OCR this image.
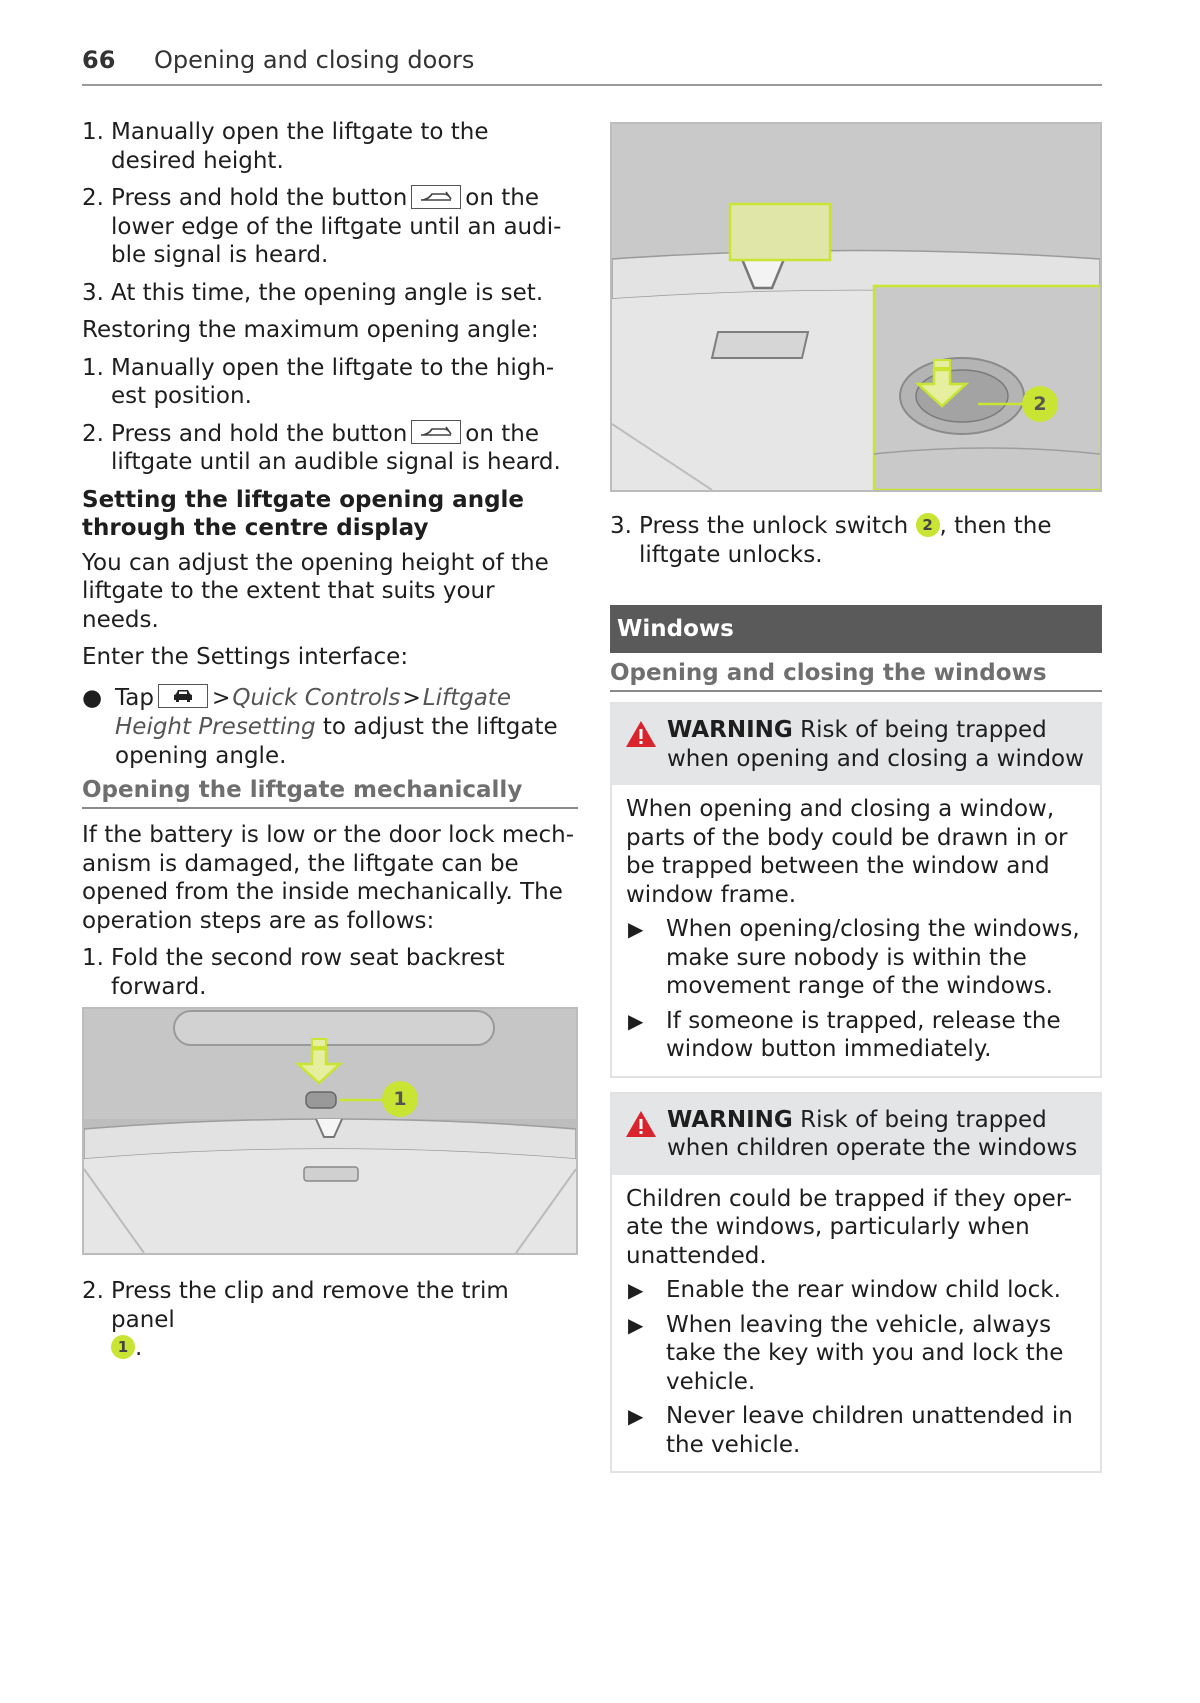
66 Opening and closing doors
1. Manually open the liftgate to the desired height.
2. Press and hold the button	on the lower edge of the liftgate until an audi-ble signal is heard.
3. At this time, the opening angle is set.

Restoring the maximum opening angle:

1. Manually open the liftgate to the high-est position.
2. Press and hold the button	on the liftgate until an audible signal is heard.
Setting the liftgate opening angle through the centre display

You can adjust the opening height of the liftgate to the extent that suits your needs.

Enter the Settings interface:

● Tap	>Quick Controls>Liftgate Height Presetting to adjust the liftgate opening angle.
Opening the liftgate mechanically

If the battery is low or the door lock mech-anism is damaged, the liftgate can be opened from the inside mechanically. The operation steps are as follows:

1. Fold the second row seat backrest forward.
1
2. Press the clip and remove the trim panel
1 .
2
3. Press the unlock switch 2 , then the liftgate unlocks.
Windows
Opening and closing the windows
WARNING Risk of being trapped when opening and closing a window

When opening and closing a window, parts of the body could be drawn in or be trapped between the window and window frame.

▶ When opening/closing the windows, make sure nobody is within the movement range of the windows.
▶ If someone is trapped, release the window button immediately.
WARNING Risk of being trapped when children operate the windows

Children could be trapped if they oper-ate the windows, particularly when unattended.

▶ Enable the rear window child lock.
▶ When leaving the vehicle, always take the key with you and lock the vehicle.
▶ Never leave children unattended in the vehicle.
